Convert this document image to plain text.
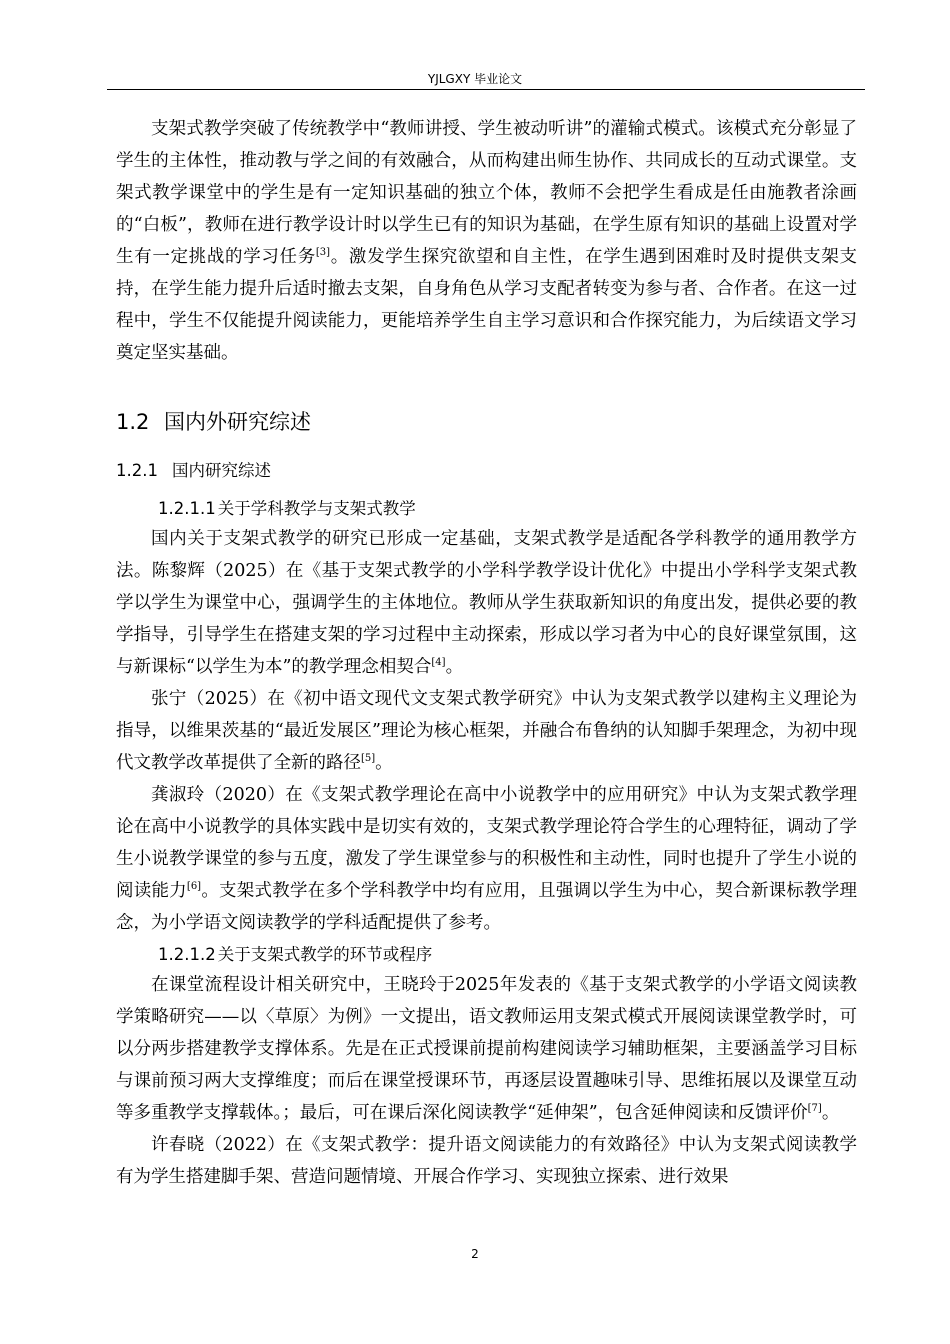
YJLGXY 毕业论文

支架式教学突破了传统教学中“教师讲授、学生被动听讲”的灌输式模式。该模式充分彰显了学生的主体性，推动教与学之间的有效融合，从而构建出师生协作、共同成长的互动式课堂。支架式教学课堂中的学生是有一定知识基础的独立个体，教师不会把学生看成是任由施教者涂画的“白板”，教师在进行教学设计时以学生已有的知识为基础，在学生原有知识的基础上设置对学生有一定挑战的学习任务[3]。激发学生探究欲望和自主性，在学生遇到困难时及时提供支架支持，在学生能力提升后适时撤去支架，自身角色从学习支配者转变为参与者、合作者。在这一过程中，学生不仅能提升阅读能力，更能培养学生自主学习意识和合作探究能力，为后续语文学习奠定坚实基础。

1.2 国内外研究综述
1.2.1 国内研究综述
1.2.1.1 关于学科教学与支架式教学

国内关于支架式教学的研究已形成一定基础，支架式教学是适配各学科教学的通用教学方法。陈黎辉（2025）在《基于支架式教学的小学科学教学设计优化》中提出小学科学支架式教学以学生为课堂中心，强调学生的主体地位。教师从学生获取新知识的角度出发，提供必要的教学指导，引导学生在搭建支架的学习过程中主动探索，形成以学习者为中心的良好课堂氛围，这与新课标“以学生为本”的教学理念相契合[4]。

张宁（2025）在《初中语文现代文支架式教学研究》中认为支架式教学以建构主义理论为指导，以维果茨基的“最近发展区”理论为核心框架，并融合布鲁纳的认知脚手架理念，为初中现代文教学改革提供了全新的路径[5]。

龚淑玲（2020）在《支架式教学理论在高中小说教学中的应用研究》中认为支架式教学理论在高中小说教学的具体实践中是切实有效的，支架式教学理论符合学生的心理特征，调动了学生小说教学课堂的参与五度，激发了学生课堂参与的积极性和主动性，同时也提升了学生小说的阅读能力[6]。支架式教学在多个学科教学中均有应用，且强调以学生为中心，契合新课标教学理念，为小学语文阅读教学的学科适配提供了参考。

1.2.1.2 关于支架式教学的环节或程序

在课堂流程设计相关研究中，王晓玲于2025年发表的《基于支架式教学的小学语文阅读教学策略研究——以〈草原〉为例》一文提出，语文教师运用支架式模式开展阅读课堂教学时，可以分两步搭建教学支撑体系。先是在正式授课前提前构建阅读学习辅助框架，主要涵盖学习目标与课前预习两大支撑维度；而后在课堂授课环节，再逐层设置趣味引导、思维拓展以及课堂互动等多重教学支撑载体。；最后，可在课后深化阅读教学“延伸架”，包含延伸阅读和反馈评价[7]。

许春晓（2022）在《支架式教学：提升语文阅读能力的有效路径》中认为支架式阅读教学有为学生搭建脚手架、营造问题情境、开展合作学习、实现独立探索、进行效果

2
